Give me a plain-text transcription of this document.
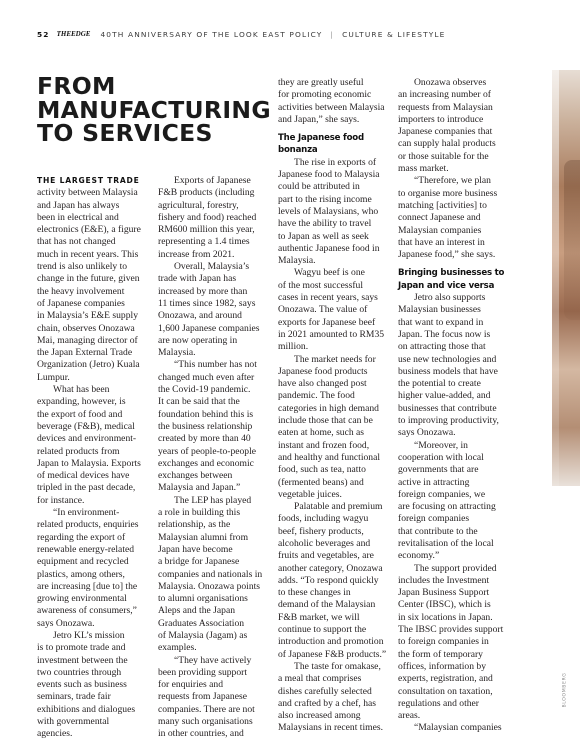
52 THEEDGE 40TH ANNIVERSARY OF THE LOOK EAST POLICY | CULTURE & LIFESTYLE
FROM
MANUFACTURING
TO SERVICES
THE LARGEST TRADE
activity between Malaysia
and Japan has always
been in electrical and
electronics (E&E), a figure
that has not changed
much in recent years. This
trend is also unlikely to
change in the future, given
the heavy involvement
of Japanese companies
in Malaysia’s E&E supply
chain, observes Onozawa
Mai, managing director of
the Japan External Trade
Organization (Jetro) Kuala
Lumpur.
What has been
expanding, however, is
the export of food and
beverage (F&B), medical
devices and environment-
related products from
Japan to Malaysia. Exports
of medical devices have
tripled in the past decade,
for instance.
“In environment-
related products, enquiries
regarding the export of
renewable energy-related
equipment and recycled
plastics, among others,
are increasing [due to] the
growing environmental
awareness of consumers,”
says Onozawa.
Jetro KL’s mission
is to promote trade and
investment between the
two countries through
events such as business
seminars, trade fair
exhibitions and dialogues
with governmental
agencies.
Exports of Japanese
F&B products (including
agricultural, forestry,
fishery and food) reached
RM600 million this year,
representing a 1.4 times
increase from 2021.
Overall, Malaysia’s
trade with Japan has
increased by more than
11 times since 1982, says
Onozawa, and around
1,600 Japanese companies
are now operating in
Malaysia.
“This number has not
changed much even after
the Covid-19 pandemic.
It can be said that the
foundation behind this is
the business relationship
created by more than 40
years of people-to-people
exchanges and economic
exchanges between
Malaysia and Japan.”
The LEP has played
a role in building this
relationship, as the
Malaysian alumni from
Japan have become
a bridge for Japanese
companies and nationals in
Malaysia. Onozawa points
to alumni organisations
Aleps and the Japan
Graduates Association
of Malaysia (Jagam) as
examples.
“They have actively
been providing support
for enquiries and
requests from Japanese
companies. There are not
many such organisations
in other countries, and
they are greatly useful
for promoting economic
activities between Malaysia
and Japan,” she says.
The Japanese food
bonanza
The rise in exports of
Japanese food to Malaysia
could be attributed in
part to the rising income
levels of Malaysians, who
have the ability to travel
to Japan as well as seek
authentic Japanese food in
Malaysia.
Wagyu beef is one
of the most successful
cases in recent years, says
Onozawa. The value of
exports for Japanese beef
in 2021 amounted to RM35
million.
The market needs for
Japanese food products
have also changed post
pandemic. The food
categories in high demand
include those that can be
eaten at home, such as
instant and frozen food,
and healthy and functional
food, such as tea, natto
(fermented beans) and
vegetable juices.
Palatable and premium
foods, including wagyu
beef, fishery products,
alcoholic beverages and
fruits and vegetables, are
another category, Onozawa
adds. “To respond quickly
to these changes in
demand of the Malaysian
F&B market, we will
continue to support the
introduction and promotion
of Japanese F&B products.”
The taste for omakase,
a meal that comprises
dishes carefully selected
and crafted by a chef, has
also increased among
Malaysians in recent times.
Onozawa observes
an increasing number of
requests from Malaysian
importers to introduce
Japanese companies that
can supply halal products
or those suitable for the
mass market.
“Therefore, we plan
to organise more business
matching [activities] to
connect Japanese and
Malaysian companies
that have an interest in
Japanese food,” she says.
Bringing businesses to
Japan and vice versa
Jetro also supports
Malaysian businesses
that want to expand in
Japan. The focus now is
on attracting those that
use new technologies and
business models that have
the potential to create
higher value-added, and
businesses that contribute
to improving productivity,
says Onozawa.
“Moreover, in
cooperation with local
governments that are
active in attracting
foreign companies, we
are focusing on attracting
foreign companies
that contribute to the
revitalisation of the local
economy.”
The support provided
includes the Investment
Japan Business Support
Center (IBSC), which is
in six locations in Japan.
The IBSC provides support
to foreign companies in
the form of temporary
offices, information by
experts, registration, and
consultation on taxation,
regulations and other
areas.
“Malaysian companies
BLOOMBERG
